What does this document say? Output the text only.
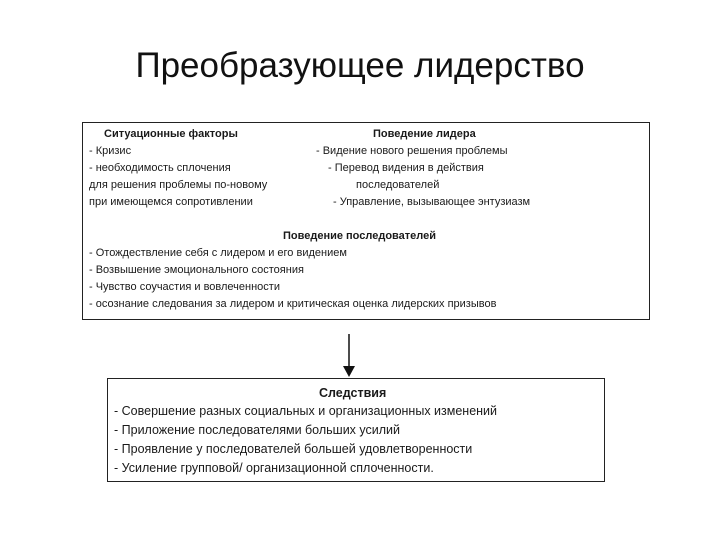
Преобразующее лидерство
Ситуационные факторы
- Кризис
- необходимость сплочения
для решения проблемы по-новому
при имеющемся сопротивлении
Поведение лидера
- Видение нового решения проблемы
- Перевод видения в действия
последователей
- Управление, вызывающее энтузиазм
Поведение последователей
- Отождествление себя с лидером и его видением
- Возвышение эмоционального состояния
- Чувство соучастия и вовлеченности
- осознание следования за лидером и критическая оценка лидерских призывов
Следствия
- Совершение разных социальных и организационных изменений
- Приложение последователями больших усилий
- Проявление у последователей большей удовлетворенности
- Усиление групповой/ организационной сплоченности.
